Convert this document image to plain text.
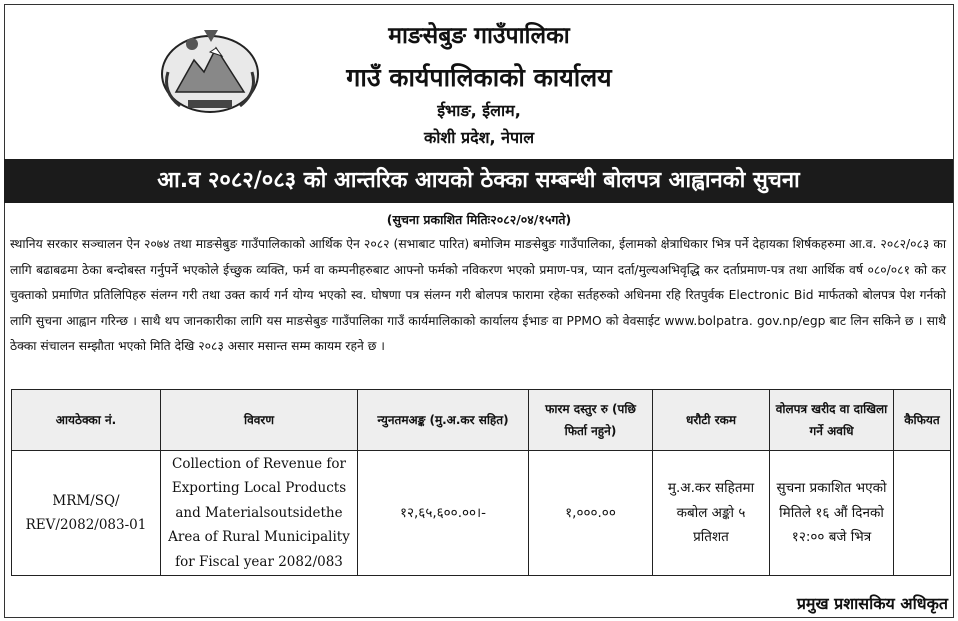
माङसेबुङ गाउँपालिका
गाउँ कार्यपालिकाको कार्यालय
ईभाङ, ईलाम,
कोशी प्रदेश, नेपाल
आ.व २०८२/०८३ को आन्तरिक आयको ठेक्का सम्बन्धी बोलपत्र आह्वानको सुचना
(सुचना प्रकाशित मितिः२०८२/०४/१५गते)
स्थानिय सरकार सञ्चालन ऐन २०७४ तथा माङसेबुङ गाउँपालिकाको आर्थिक ऐन २०८२ (सभाबाट पारित) बमोजिम माङसेबुङ गाउँपालिका, ईलामको क्षेत्राधिकार भित्र पर्ने देहायका शिर्षकहरुमा आ.व. २०८२/०८३ का लागि बढाबढमा ठेका बन्दोबस्त गर्नुपर्ने भएकोले ईच्छुक व्यक्ति, फर्म वा कम्पनीहरुबाट आफ्नो फर्मको नविकरण भएको प्रमाण-पत्र, प्यान दर्ता/मुल्यअभिवृद्धि कर दर्ताप्रमाण-पत्र तथा आर्थिक वर्ष ०८०/०८१ को कर चुक्ताको प्रमाणित प्रतिलिपिहरु संलग्न गरी तथा उक्त कार्य गर्न योग्य भएको स्व. घोषणा पत्र संलग्न गरी बोलपत्र फारामा रहेका सर्तहरुको अधिनमा रहि रितपुर्वक Electronic Bid मार्फतको बोलपत्र पेश गर्नको लागि सुचना आह्वान गरिन्छ । साथै थप जानकारीका लागि यस माङसेबुङ गाउँपालिका गाउँ कार्यमालिकाको कार्यालय ईभाङ वा PPMO को वेवसाईट www.bolpatra. gov.np/egp बाट लिन सकिने छ । साथै ठेक्का संचालन सम्झौता भएको मिति देखि २०८३ असार मसान्त सम्म कायम रहने छ ।

आयठेक्का नं.	विवरण	न्युनतमअङ्क (मु.अ.कर सहित)	फारम दस्तुर रु (पछि फिर्ता नहुने)	धरौटी रकम	वोलपत्र खरीद वा दाखिला गर्ने अवधि	कैफियत
MRM/SQ/ REV/2082/083-01	Collection of Revenue for Exporting Local Products and Materialsoutsidethe Area of Rural Municipality for Fiscal year 2082/083	१२,६५,६००.००।-	१,०००.००	मु.अ.कर सहितमा कबोल अङ्को ५ प्रतिशत	सुचना प्रकाशित भएको मितिले १६ औं दिनको १२:०० बजे भित्र	
प्रमुख प्रशासकिय अधिकृत
